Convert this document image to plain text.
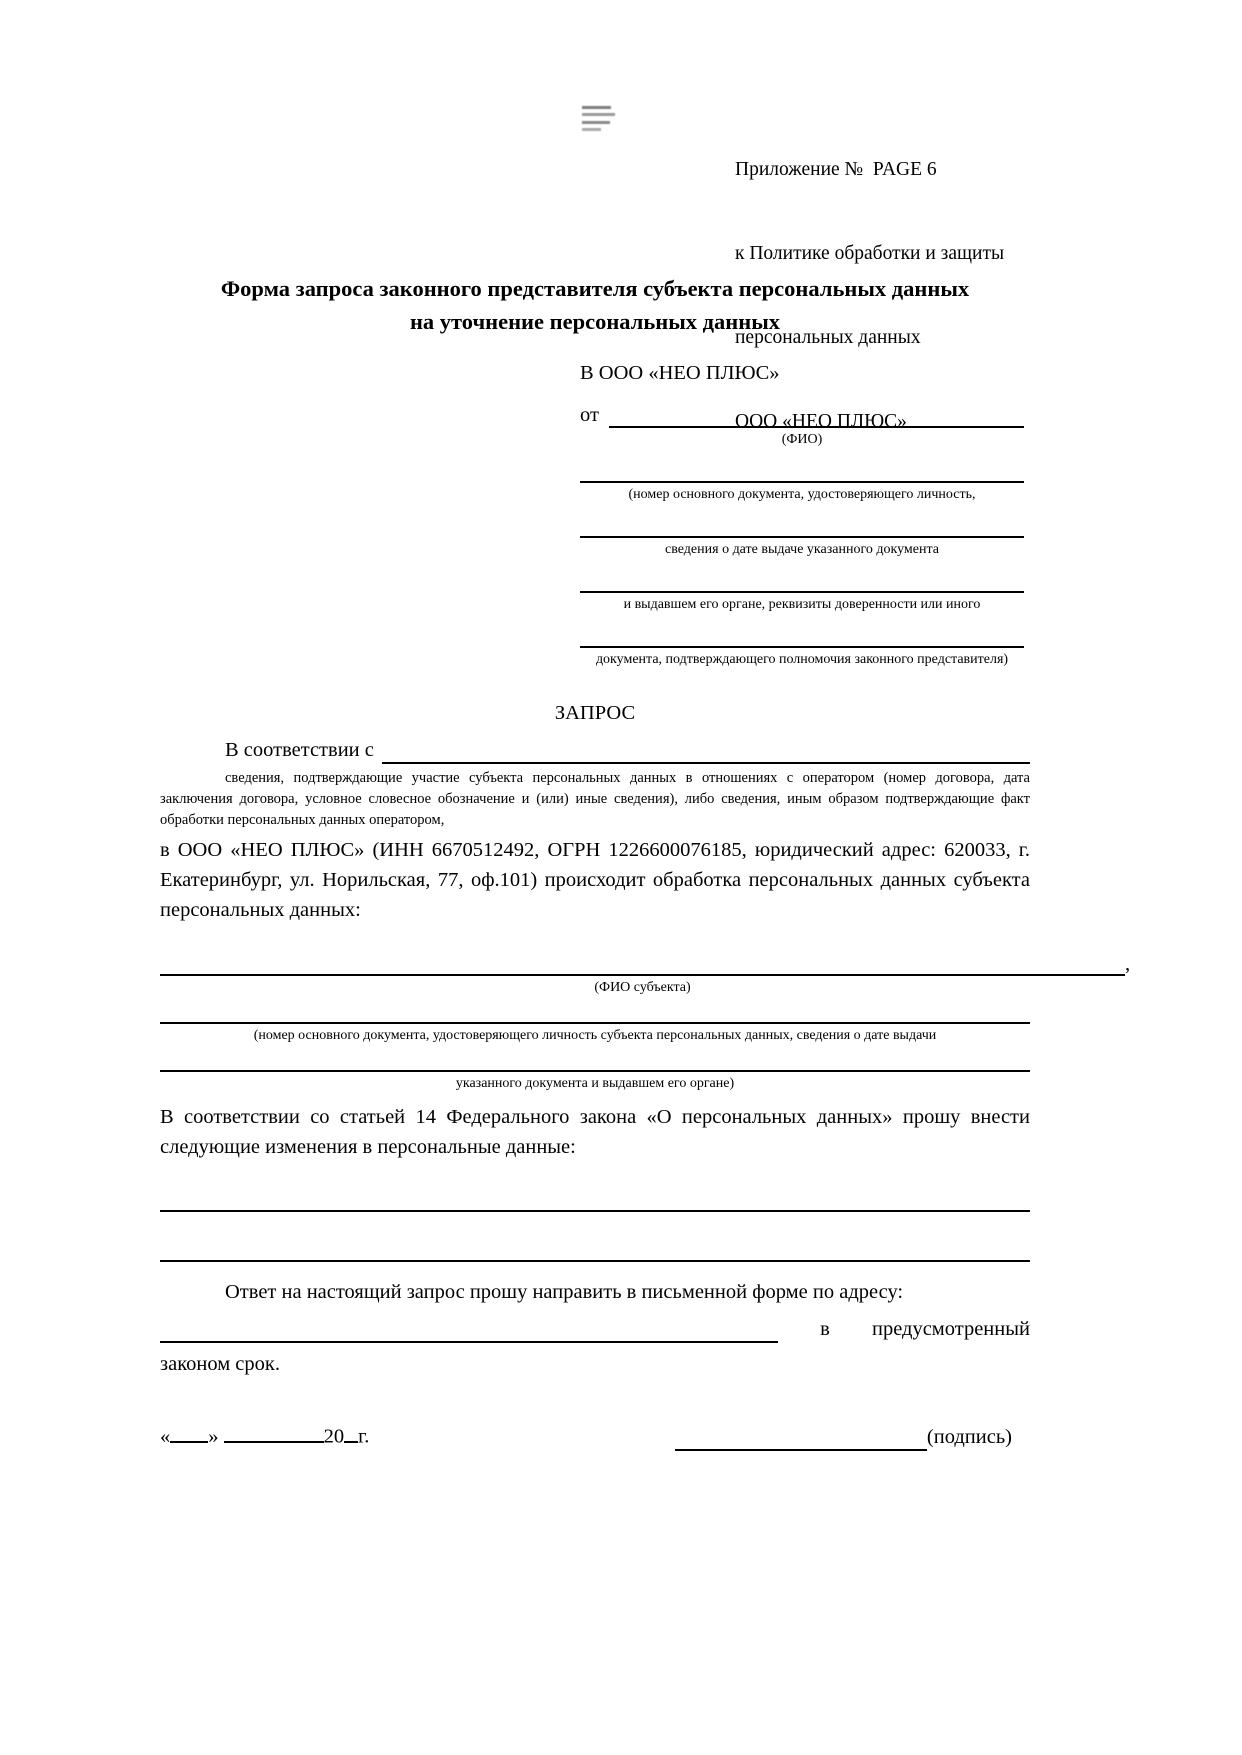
Приложение №  PAGE 6

к Политике обработки и защиты

персональных данных

ООО «НЕО ПЛЮС»

Форма запроса законного представителя субъекта персональных данных
на уточнение персональных данных
В ООО «НЕО ПЛЮС»
от
(ФИО)
(номер основного документа, удостоверяющего личность,
сведения о дате выдаче указанного документа
и выдавшем его органе, реквизиты доверенности или иного
документа, подтверждающего полномочия законного представителя)
ЗАПРОС
В соответствии с

сведения, подтверждающие участие субъекта персональных данных в отношениях с оператором (номер договора, дата заключения договора, условное словесное обозначение и (или) иные сведения), либо сведения, иным образом подтверждающие факт обработки персональных данных оператором,

в ООО «НЕО ПЛЮС» (ИНН 6670512492, ОГРН 1226600076185, юридический адрес: 620033, г. Екатеринбург, ул. Норильская, 77, оф.101) происходит обработка персональных данных субъекта персональных данных:

,
(ФИО субъекта)
(номер основного документа, удостоверяющего личность субъекта персональных данных, сведения о дате выдачи
указанного документа и выдавшем его органе)

В соответствии со статьей 14 Федерального закона «О персональных данных» прошу внести следующие изменения в персональные данные:

Ответ на настоящий запрос прошу направить в письменной форме по адресу:

в предусмотренный

законом срок.

« »	20 г.	(подпись)
